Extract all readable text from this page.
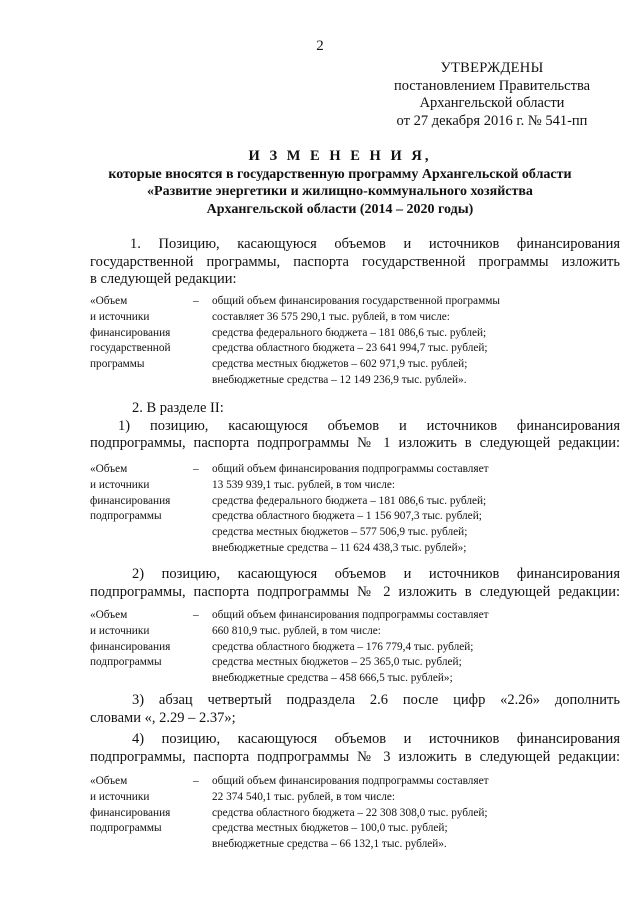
2
УТВЕРЖДЕНЫ
постановлением Правительства
Архангельской области
от 27 декабря 2016 г. № 541-пп
И З М Е Н Е Н И Я,
которые вносятся в государственную программу Архангельской области
«Развитие энергетики и жилищно-коммунального хозяйства
Архангельской области (2014 – 2020 годы)
1. Позицию, касающуюся объемов и источников финансирования
государственной программы, паспорта государственной программы изложить
в следующей редакции:
«Объем
и источники
финансирования
государственной
программы
– общий объем финансирования государственной программы
составляет 36 575 290,1 тыс. рублей, в том числе:
средства федерального бюджета – 181 086,6 тыс. рублей;
средства областного бюджета – 23 641 994,7 тыс. рублей;
средства местных бюджетов – 602 971,9 тыс. рублей;
внебюджетные средства – 12 149 236,9 тыс. рублей».
2. В разделе II:
1) позицию, касающуюся объемов и источников финансирования
подпрограммы, паспорта подпрограммы № 1 изложить в следующей редакции:
«Объем
и источники
финансирования
подпрограммы
– общий объем финансирования подпрограммы составляет
13 539 939,1 тыс. рублей, в том числе:
средства федерального бюджета – 181 086,6 тыс. рублей;
средства областного бюджета – 1 156 907,3 тыс. рублей;
средства местных бюджетов – 577 506,9 тыс. рублей;
внебюджетные средства – 11 624 438,3 тыс. рублей»;
2) позицию, касающуюся объемов и источников финансирования
подпрограммы, паспорта подпрограммы № 2 изложить в следующей редакции:
«Объем
и источники
финансирования
подпрограммы
– общий объем финансирования подпрограммы составляет
660 810,9 тыс. рублей, в том числе:
средства областного бюджета – 176 779,4 тыс. рублей;
средства местных бюджетов – 25 365,0 тыс. рублей;
внебюджетные средства – 458 666,5 тыс. рублей»;
3) абзац четвертый подраздела 2.6 после цифр «2.26» дополнить
словами «, 2.29 – 2.37»;
4) позицию, касающуюся объемов и источников финансирования
подпрограммы, паспорта подпрограммы № 3 изложить в следующей редакции:
«Объем
и источники
финансирования
подпрограммы
– общий объем финансирования подпрограммы составляет
22 374 540,1 тыс. рублей, в том числе:
средства областного бюджета – 22 308 308,0 тыс. рублей;
средства местных бюджетов – 100,0 тыс. рублей;
внебюджетные средства – 66 132,1 тыс. рублей».
